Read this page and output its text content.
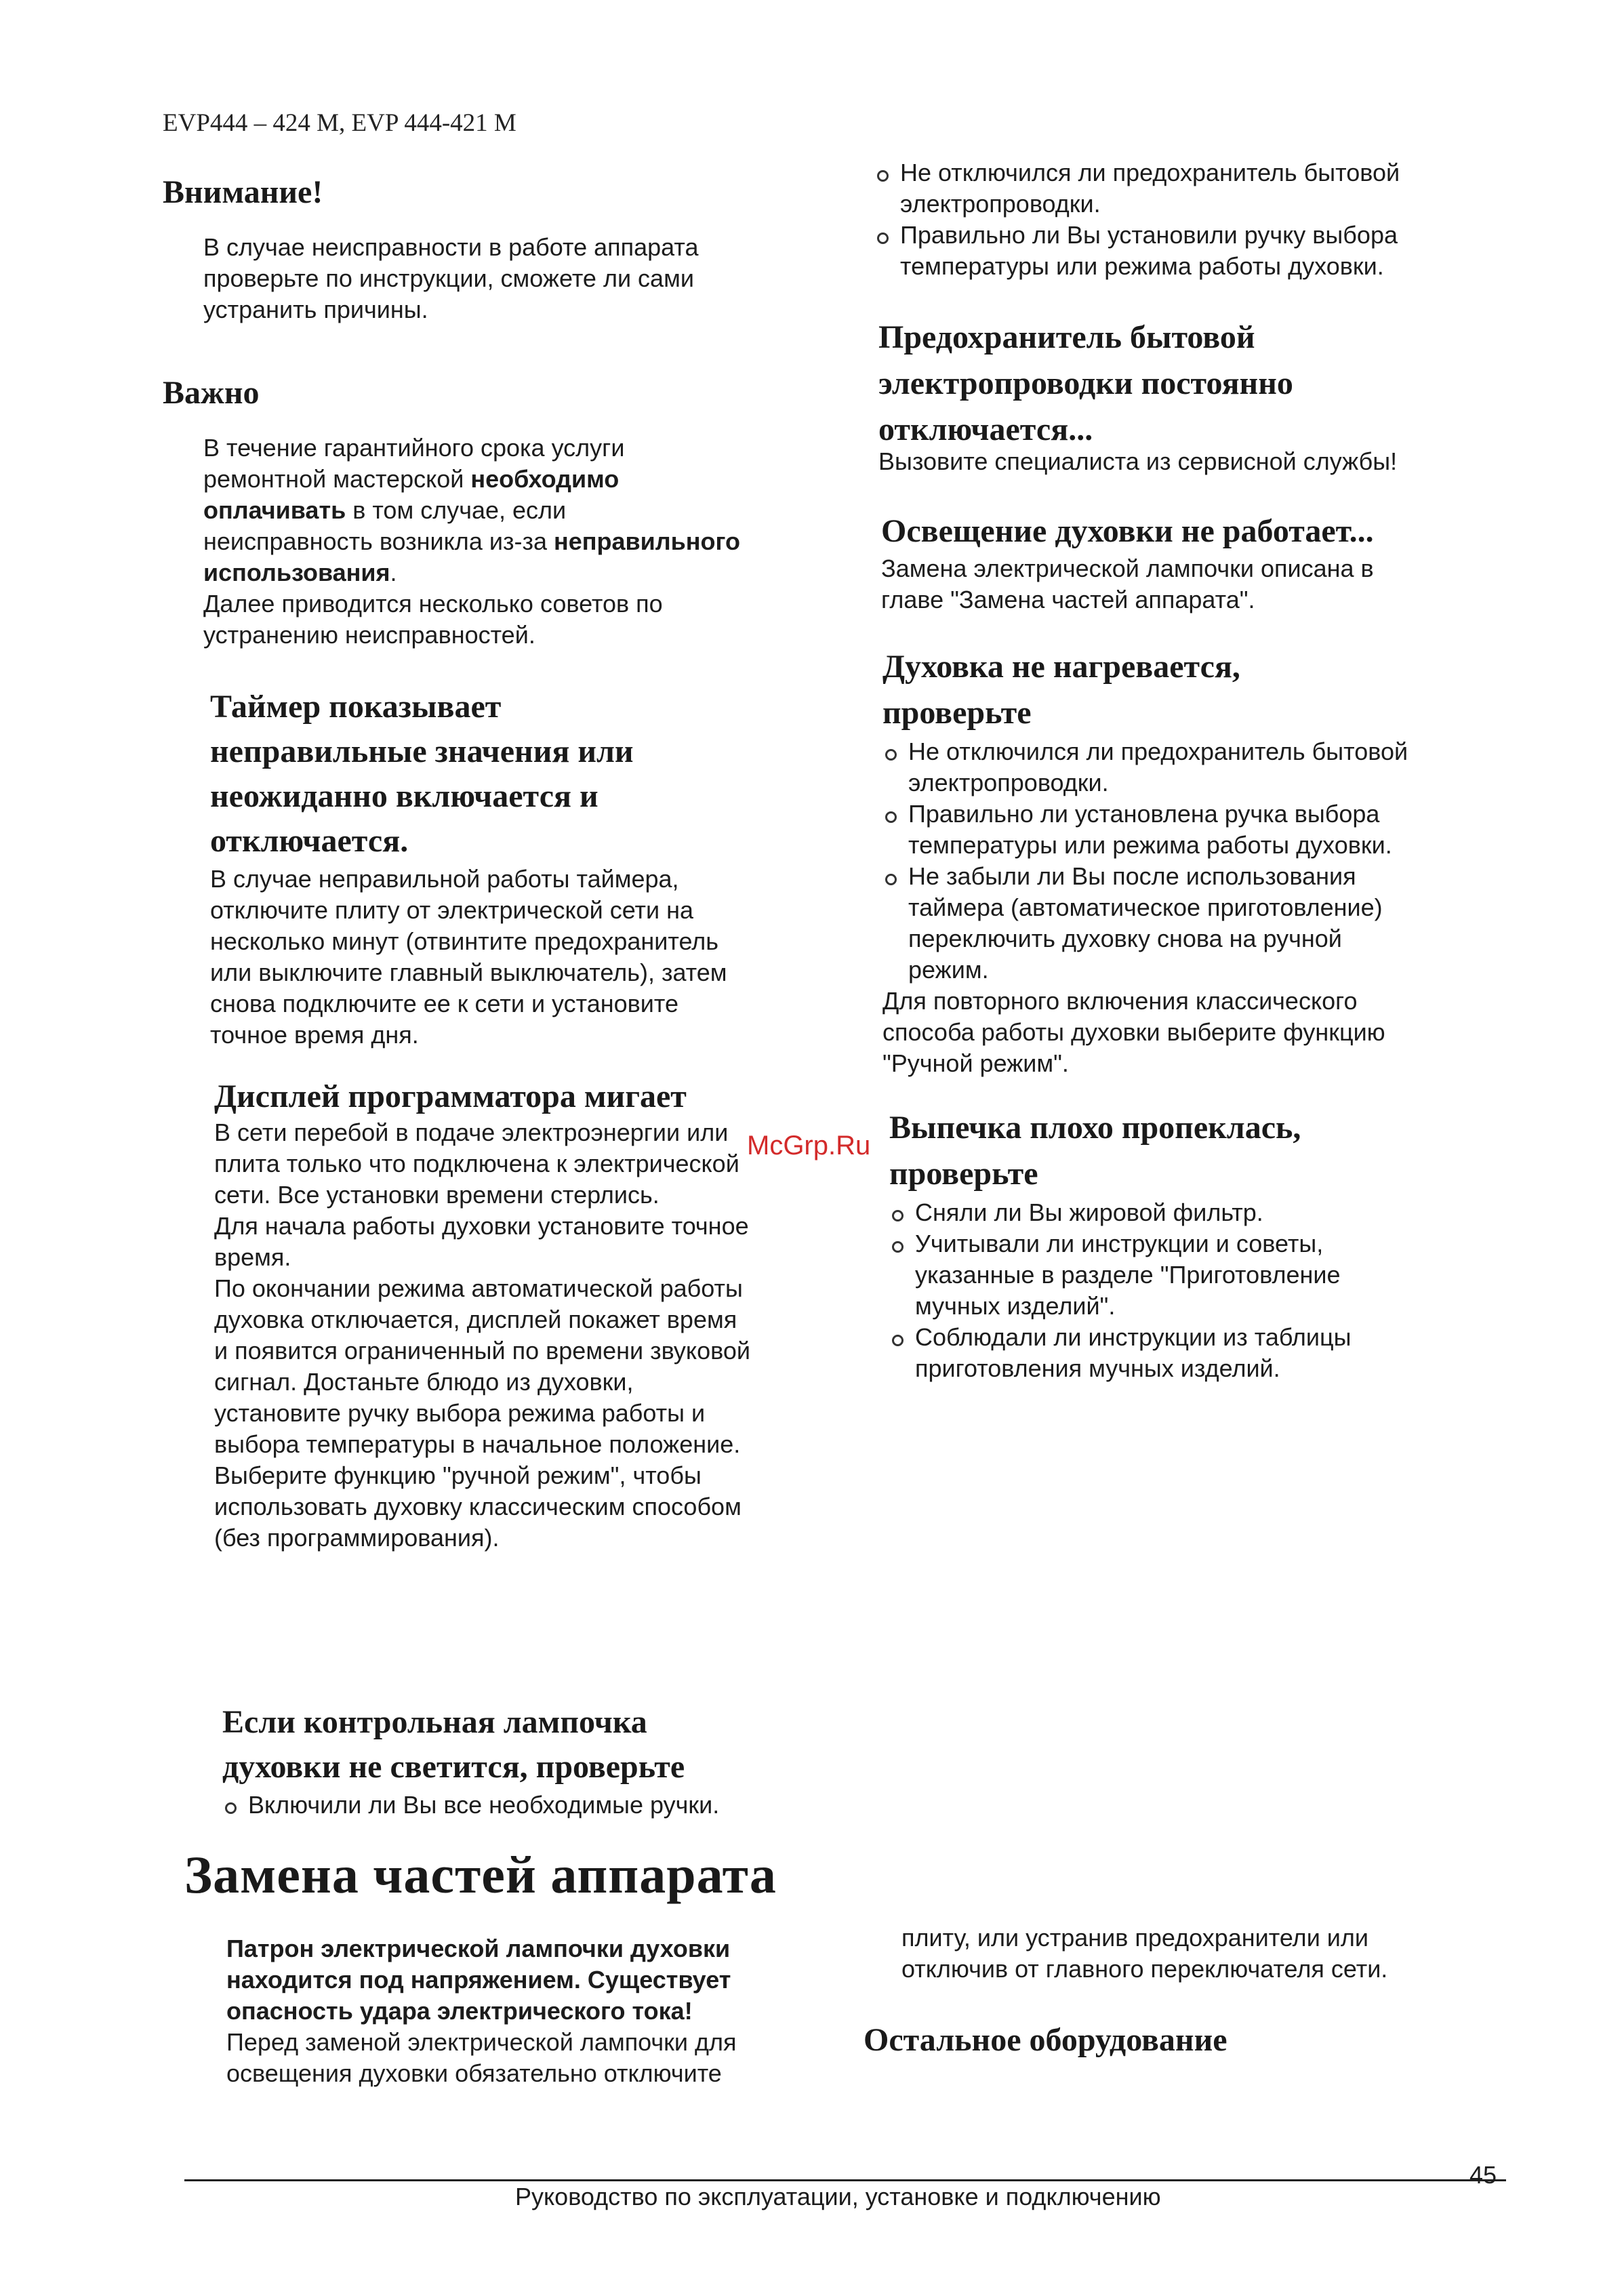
EVP444 – 424 M, EVP 444-421 M
Внимание!

В случае неисправности в работе аппарата

проверьте по инструкции, сможете ли сами

устранить причины.

Важно

В течение гарантийного срока услуги

ремонтной мастерской необходимо

оплачивать в том случае, если

неисправность возникла из-за неправильного

использования.

Далее приводится несколько советов по

устранению неисправностей.

Таймер показывает
неправильные значения или
неожиданно включается и
отключается.

В случае неправильной работы таймера,

отключите плиту от электрической сети на

несколько минут (отвинтите предохранитель

или выключите главный выключатель), затем

снова подключите ее к сети и установите

точное время дня.

Дисплей программатора мигает

В сети перебой в подаче электроэнергии или

плита только что подключена к электрической

сети. Все установки времени стерлись.

Для начала работы духовки установите точное

время.

По окончании режима автоматической работы

духовка отключается, дисплей покажет время

и появится ограниченный по времени звуковой

сигнал. Достаньте блюдо из духовки,

установите ручку выбора режима работы и

выбора температуры в начальное положение.

Выберите функцию "ручной режим", чтобы

использовать духовку классическим способом

(без программирования).

Если контрольная лампочка
духовки не светится, проверьте
Включили ли Вы все необходимые ручки.
Замена частей аппарата

Патрон электрической лампочки духовки

находится под напряжением. Существует

опасность удара электрического тока!

Перед заменой электрической лампочки для

освещения духовки обязательно отключите

Не отключился ли предохранитель бытовой
электропроводки.
Правильно ли Вы установили ручку выбора
температуры или режима работы духовки.
Предохранитель бытовой
электропроводки постоянно
отключается...

Вызовите специалиста из сервисной службы!

Освещение духовки не работает...

Замена электрической лампочки описана в

главе "Замена частей аппарата".

Духовка не нагревается,
проверьте
Не отключился ли предохранитель бытовой
электропроводки.
Правильно ли установлена ручка выбора
температуры или режима работы духовки.
Не забыли ли Вы после использования
таймера (автоматическое приготовление)
переключить духовку снова на ручной
режим.

Для повторного включения классического

способа работы духовки выберите функцию

"Ручной режим".

Выпечка плохо пропеклась,
проверьте
Сняли ли Вы жировой фильтр.
Учитывали ли инструкции и советы,
указанные в разделе "Приготовление
мучных изделий".
Соблюдали ли инструкции из таблицы
приготовления мучных изделий.

плиту, или устранив предохранители или

отключив от главного переключателя сети.

Остальное оборудование
McGrp.Ru
Руководство по эксплуатации, установке и подключению
45
